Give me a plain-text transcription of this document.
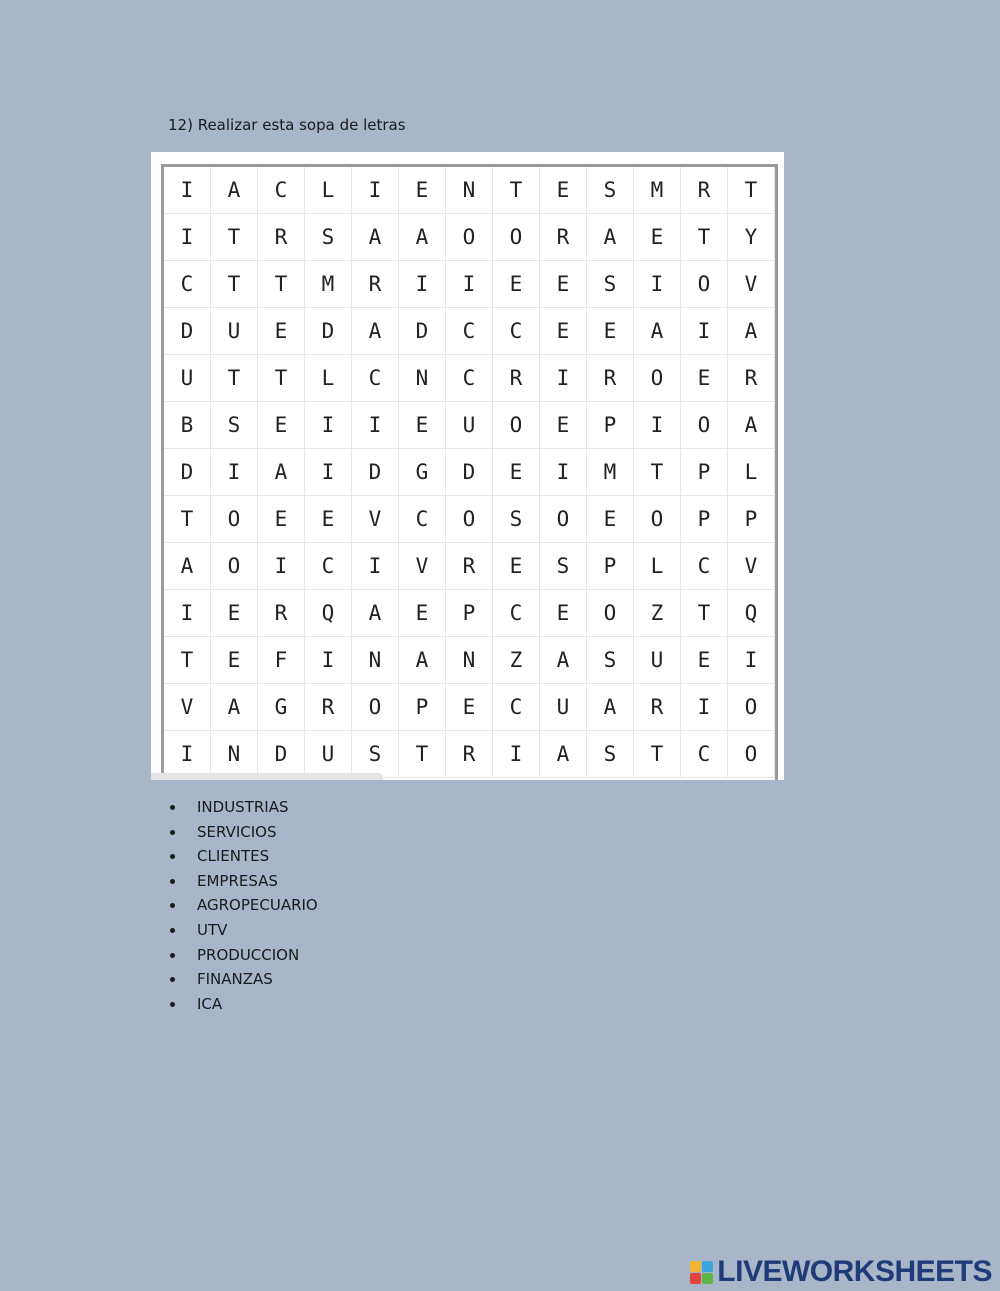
12) Realizar esta sopa de letras
I	A	C	L	I	E	N	T	E	S	M	R	T
I	T	R	S	A	A	O	O	R	A	E	T	Y
C	T	T	M	R	I	I	E	E	S	I	O	V
D	U	E	D	A	D	C	C	E	E	A	I	A
U	T	T	L	C	N	C	R	I	R	O	E	R
B	S	E	I	I	E	U	O	E	P	I	O	A
D	I	A	I	D	G	D	E	I	M	T	P	L
T	O	E	E	V	C	O	S	O	E	O	P	P
A	O	I	C	I	V	R	E	S	P	L	C	V
I	E	R	Q	A	E	P	C	E	O	Z	T	Q
T	E	F	I	N	A	N	Z	A	S	U	E	I
V	A	G	R	O	P	E	C	U	A	R	I	O
I	N	D	U	S	T	R	I	A	S	T	C	O
INDUSTRIAS
SERVICIOS
CLIENTES
EMPRESAS
AGROPECUARIO
UTV
PRODUCCION
FINANZAS
ICA
LIVEWORKSHEETS
